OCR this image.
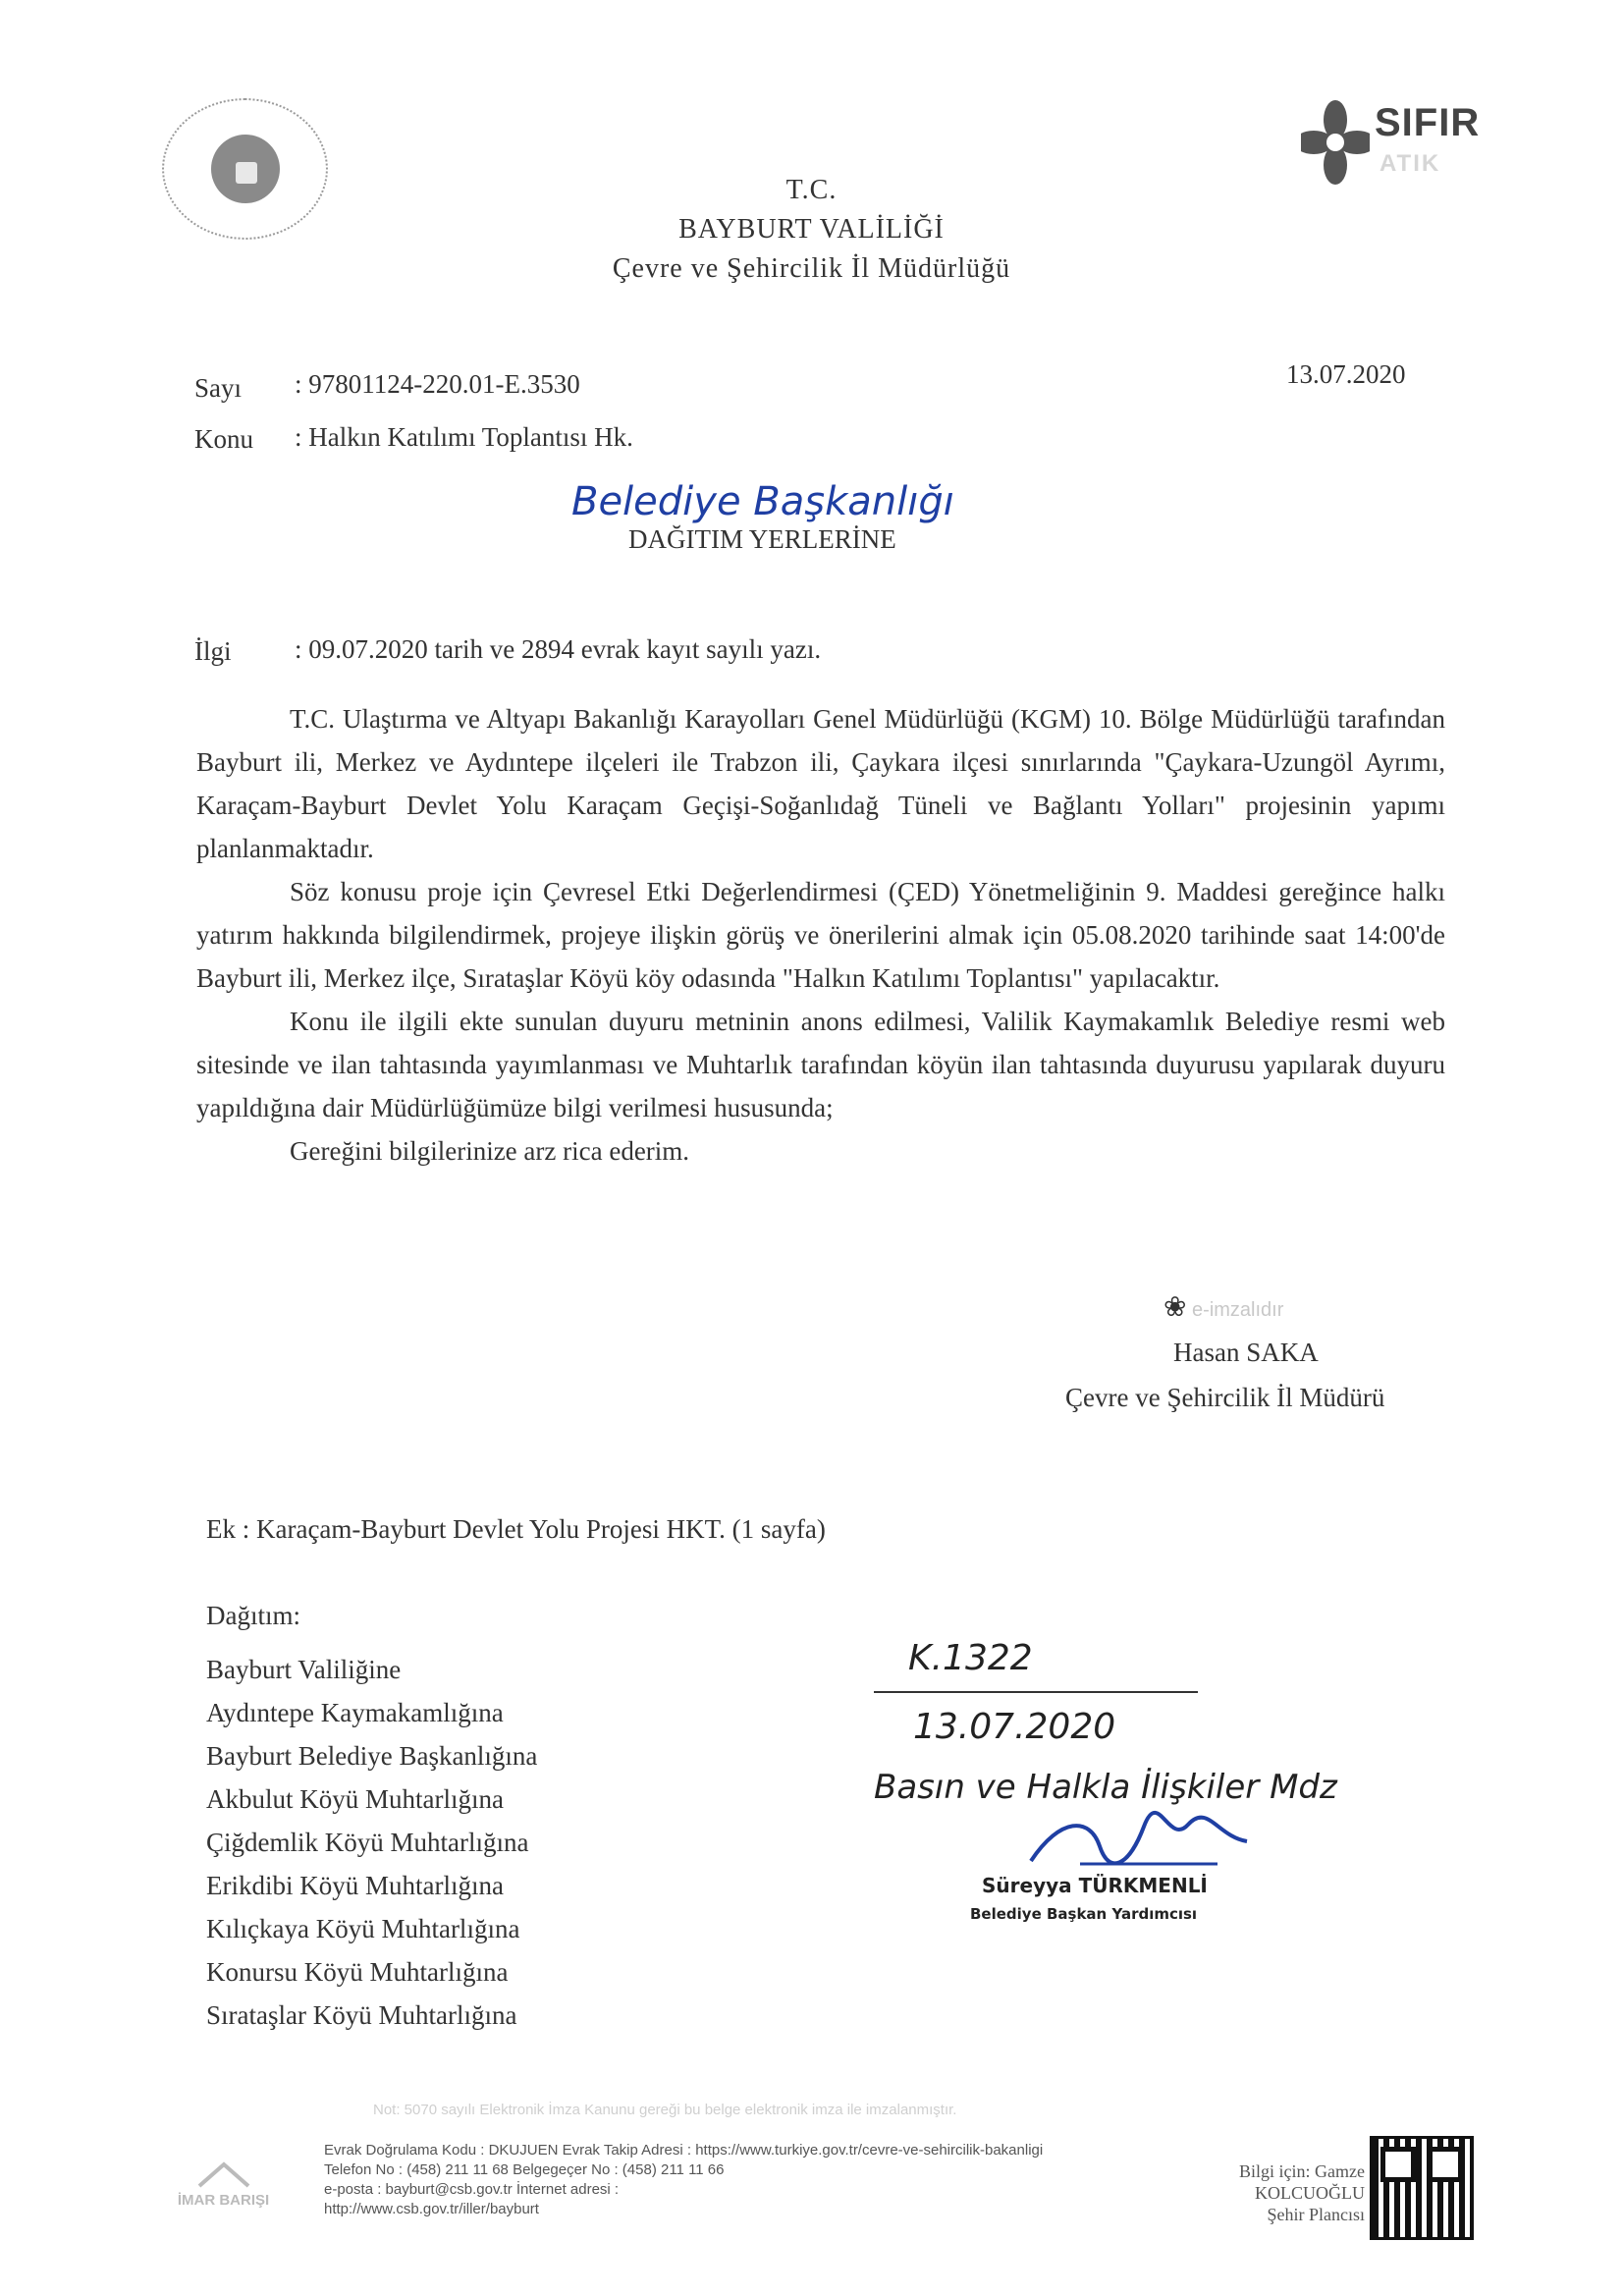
SIFIR
ATIK
T.C.
BAYBURT VALİLİĞİ
Çevre ve Şehircilik İl Müdürlüğü
Sayı : 97801124-220.01-E.3530	13.07.2020
Konu : Halkın Katılımı Toplantısı Hk.
Belediye Başkanlığı
DAĞITIM YERLERİNE
İlgi : 09.07.2020 tarih ve 2894 evrak kayıt sayılı yazı.

T.C. Ulaştırma ve Altyapı Bakanlığı Karayolları Genel Müdürlüğü (KGM) 10. Bölge Müdürlüğü tarafından Bayburt ili, Merkez ve Aydıntepe ilçeleri ile Trabzon ili, Çaykara ilçesi sınırlarında "Çaykara-Uzungöl Ayrımı, Karaçam-Bayburt Devlet Yolu Karaçam Geçişi-Soğanlıdağ Tüneli ve Bağlantı Yolları" projesinin yapımı planlanmaktadır.

Söz konusu proje için Çevresel Etki Değerlendirmesi (ÇED) Yönetmeliğinin 9. Maddesi gereğince halkı yatırım hakkında bilgilendirmek, projeye ilişkin görüş ve önerilerini almak için 05.08.2020 tarihinde saat 14:00'de Bayburt ili, Merkez ilçe, Sırataşlar Köyü köy odasında "Halkın Katılımı Toplantısı" yapılacaktır.

Konu ile ilgili ekte sunulan duyuru metninin anons edilmesi, Valilik Kaymakamlık Belediye resmi web sitesinde ve ilan tahtasında yayımlanması ve Muhtarlık tarafından köyün ilan tahtasında duyurusu yapılarak duyuru yapıldığına dair Müdürlüğümüze bilgi verilmesi hususunda;

Gereğini bilgilerinize arz rica ederim.

❀ e-imzalıdır
Hasan SAKA
Çevre ve Şehircilik İl Müdürü
Ek : Karaçam-Bayburt Devlet Yolu Projesi HKT. (1 sayfa)
Dağıtım:
Bayburt Valiliğine
Aydıntepe Kaymakamlığına
Bayburt Belediye Başkanlığına
Akbulut Köyü Muhtarlığına
Çiğdemlik Köyü Muhtarlığına
Erikdibi Köyü Muhtarlığına
Kılıçkaya Köyü Muhtarlığına
Konursu Köyü Muhtarlığına
Sırataşlar Köyü Muhtarlığına
K.1322
13.07.2020
Basın ve Halkla İlişkiler Mdz
Süreyya TÜRKMENLİ
Belediye Başkan Yardımcısı
Not: 5070 sayılı Elektronik İmza Kanunu gereği bu belge elektronik imza ile imzalanmıştır.
İMAR BARIŞI
Evrak Doğrulama Kodu : DKUJUEN Evrak Takip Adresi : https://www.turkiye.gov.tr/cevre-ve-sehircilik-bakanligi
Telefon No : (458) 211 11 68 Belgegeçer No : (458) 211 11 66
e-posta : bayburt@csb.gov.tr İnternet adresi :
http://www.csb.gov.tr/iller/bayburt
Bilgi için: Gamze
KOLCUOĞLU
Şehir Plancısı
